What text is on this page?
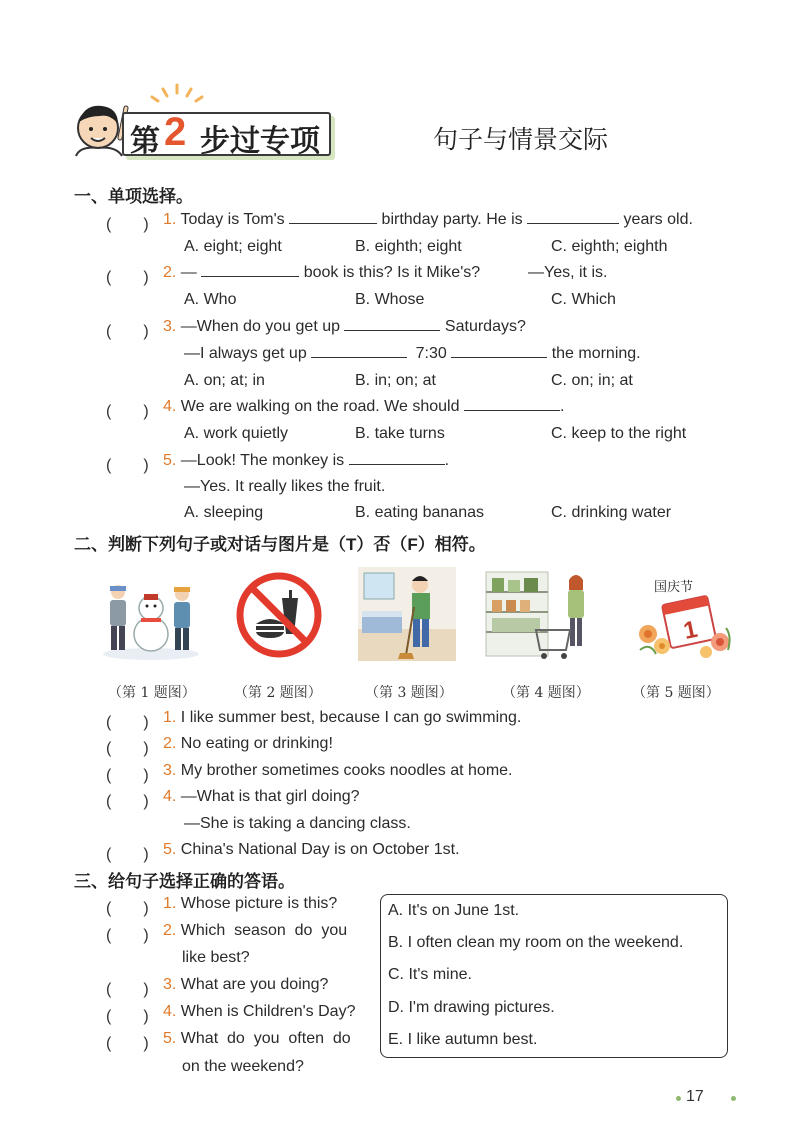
第 2 步过专项	句子与情景交际
一、单项选择。
(　　) 1. Today is Tom's	birthday party. He is	years old.
A. eight; eight	B. eighth; eight	C. eighth; eighth
(　　) 2. —	book is this? Is it Mike's?	—Yes, it is.
A. Who	B. Whose	C. Which
(　　) 3. —When do you get up	Saturdays?
—I always get up	7:30	the morning.
A. on; at; in	B. in; on; at	C. on; in; at
(　　) 4. We are walking on the road. We should	.
A. work quietly	B. take turns	C. keep to the right
(　　) 5. —Look! The monkey is	.
—Yes. It really likes the fruit.
A. sleeping	B. eating bananas	C. drinking water
二、判断下列句子或对话与图片是（T）否（F）相符。
国庆节
1
（第 1 题图）	（第 2 题图）	（第 3 题图）	（第 4 题图）	（第 5 题图）
(　　) 1. I like summer best, because I can go swimming.
(　　) 2. No eating or drinking!
(　　) 3. My brother sometimes cooks noodles at home.
(　　) 4. —What is that girl doing?
—She is taking a dancing class.
(　　) 5. China's National Day is on October 1st.
三、给句子选择正确的答语。
(　　) 1. Whose picture is this?
(　　) 2. Which  season  do  you
like best?
(　　) 3. What are you doing?
(　　) 4. When is Children's Day?
(　　) 5. What  do  you  often  do
on the weekend?
A. It's on June 1st.
B. I often clean my room on the weekend.
C. It's mine.
D. I'm drawing pictures.
E. I like autumn best.
17
